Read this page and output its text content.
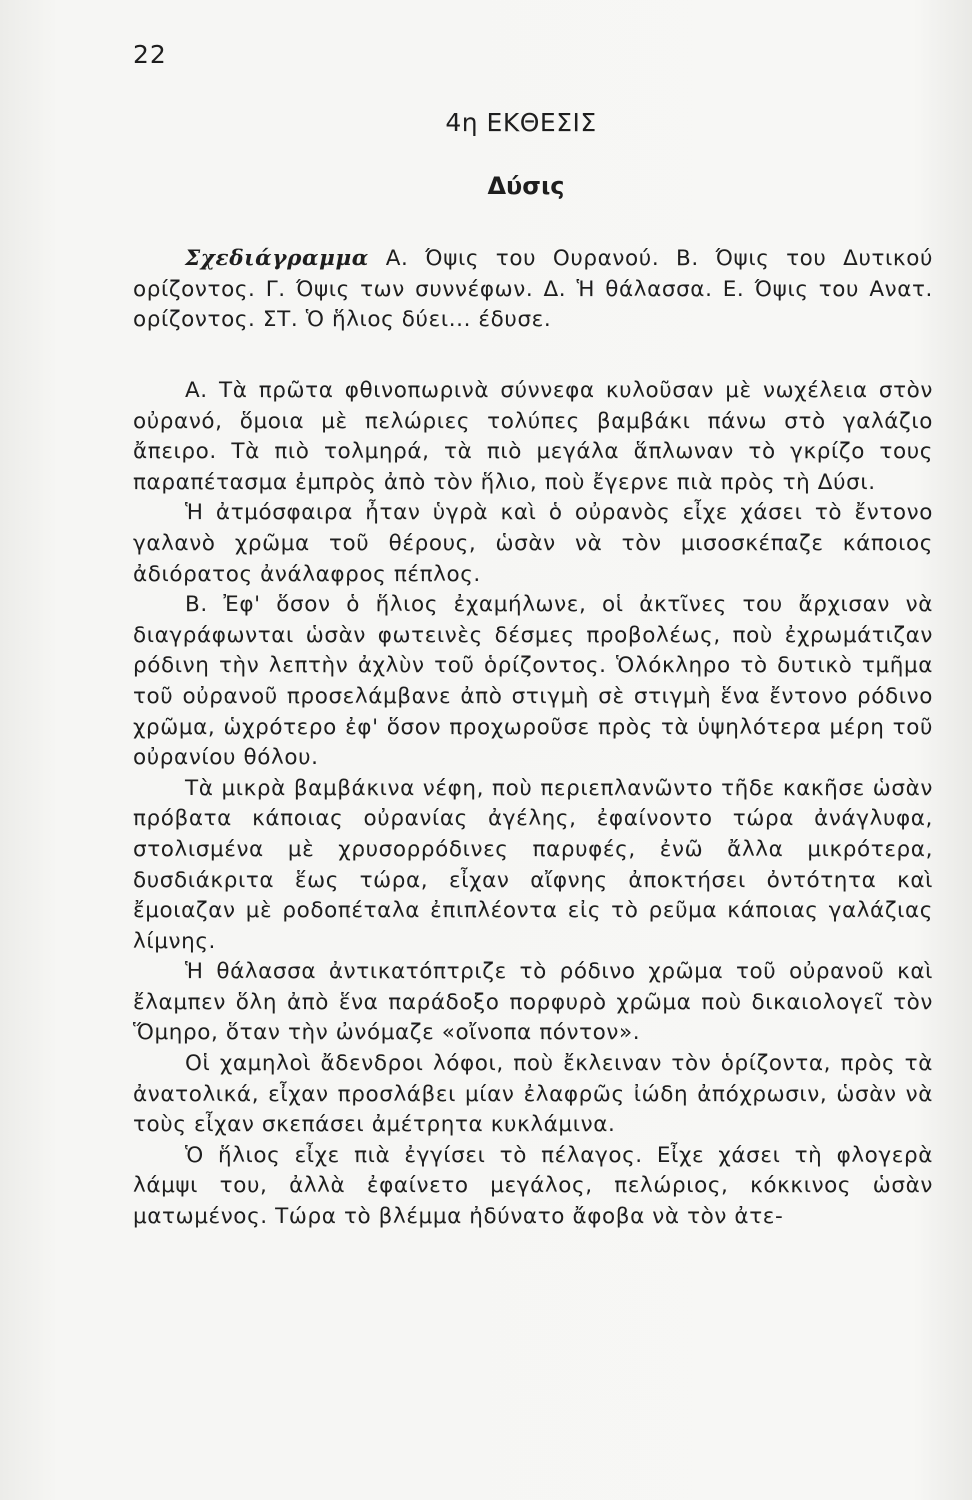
22
4η ΕΚΘΕΣΙΣ
Δύσις

Σχεδιάγραμμα Α. Όψις του Ουρανού. Β. Όψις του Δυτικού ορίζοντος. Γ. Όψις των συννέφων. Δ. Ἡ θάλασσα. Ε. Όψις του Ανατ. ορίζοντος. ΣΤ. Ὁ ἥλιος δύει... έδυσε.

Α. Τὰ πρῶτα φθινοπωρινὰ σύννεφα κυλοῦσαν μὲ νωχέλεια στὸν οὐρανό, ὅμοια μὲ πελώριες τολύπες βαμβάκι πάνω στὸ γαλάζιο ἄπειρο. Τὰ πιὸ τολμηρά, τὰ πιὸ μεγάλα ἅπλωναν τὸ γκρίζο τους παραπέτασμα ἐμπρὸς ἀπὸ τὸν ἥλιο, ποὺ ἔγερνε πιὰ πρὸς τὴ Δύσι.

Ἡ ἀτμόσφαιρα ἦταν ὑγρὰ καὶ ὁ οὐρανὸς εἶχε χάσει τὸ ἔντονο γαλανὸ χρῶμα τοῦ θέρους, ὡσὰν νὰ τὸν μισοσκέπαζε κάποιος ἀδιόρατος ἀνάλαφρος πέπλος.

Β. Ἐφ' ὅσον ὁ ἥλιος ἐχαμήλωνε, οἱ ἀκτῖνες του ἄρχισαν νὰ διαγράφωνται ὡσὰν φωτεινὲς δέσμες προβολέως, ποὺ ἐχρωμάτιζαν ρόδινη τὴν λεπτὴν ἀχλὺν τοῦ ὁρίζοντος. Ὁλόκληρο τὸ δυτικὸ τμῆμα τοῦ οὐρανοῦ προσελάμβανε ἀπὸ στιγμὴ σὲ στιγμὴ ἕνα ἔντονο ρόδινο χρῶμα, ὡχρότερο ἐφ' ὅσον προχωροῦσε πρὸς τὰ ὑψηλότερα μέρη τοῦ οὐρανίου θόλου.

Τὰ μικρὰ βαμβάκινα νέφη, ποὺ περιεπλανῶντο τῆδε κακῆσε ὡσὰν πρόβατα κάποιας οὐρανίας ἀγέλης, ἐφαίνοντο τώρα ἀνάγλυφα, στολισμένα μὲ χρυσορρόδινες παρυφές, ἐνῶ ἄλλα μικρότερα, δυσδιάκριτα ἕως τώρα, εἶχαν αἴφνης ἀποκτήσει ὀντότητα καὶ ἔμοιαζαν μὲ ροδοπέταλα ἐπιπλέοντα εἰς τὸ ρεῦμα κάποιας γαλάζιας λίμνης.

Ἡ θάλασσα ἀντικατόπτριζε τὸ ρόδινο χρῶμα τοῦ οὐρανοῦ καὶ ἔλαμπεν ὅλη ἀπὸ ἕνα παράδοξο πορφυρὸ χρῶμα ποὺ δικαιολογεῖ τὸν Ὅμηρο, ὅταν τὴν ὠνόμαζε «οἴνοπα πόντον».

Οἱ χαμηλοὶ ἄδενδροι λόφοι, ποὺ ἔκλειναν τὸν ὁρίζοντα, πρὸς τὰ ἀνατολικά, εἶχαν προσλάβει μίαν ἐλαφρῶς ἰώδη ἀπόχρωσιν, ὡσὰν νὰ τοὺς εἶχαν σκεπάσει ἀμέτρητα κυκλάμινα.

Ὁ ἥλιος εἶχε πιὰ ἐγγίσει τὸ πέλαγος. Εἶχε χάσει τὴ φλογερὰ λάμψι του, ἀλλὰ ἐφαίνετο μεγάλος, πελώριος, κόκκινος ὡσὰν ματωμένος. Τώρα τὸ βλέμμα ἠδύνατο ἄφοβα νὰ τὸν ἀτε-
